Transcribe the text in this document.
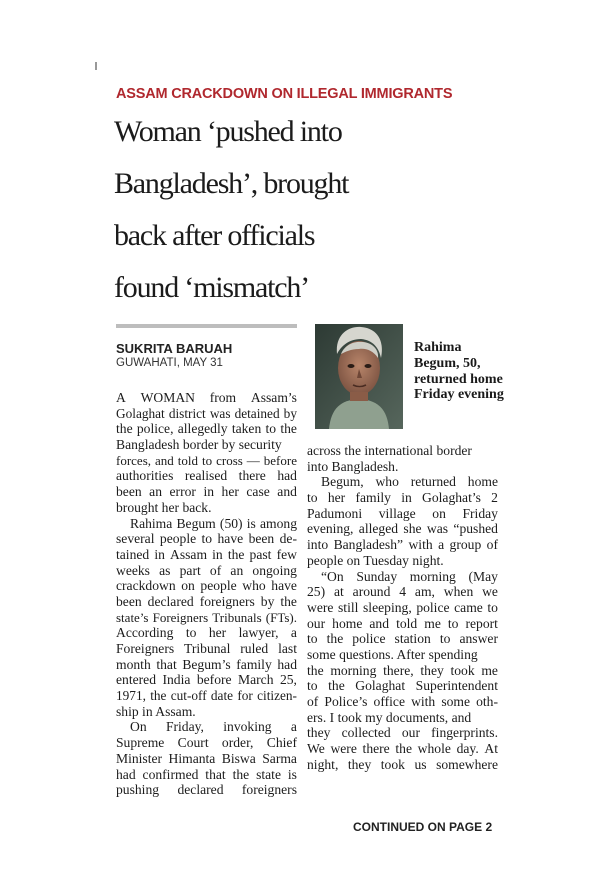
ASSAM CRACKDOWN ON ILLEGAL IMMIGRANTS
Woman ‘pushed into
Bangladesh’, brought
back after officials
found ‘mismatch’
SUKRITA BARUAH
GUWAHATI, MAY 31
Rahima Begum, 50, returned home Friday evening
A WOMAN from Assam’s
Golaghat district was detained by
the police, allegedly taken to the
Bangladesh border by security
forces, and told to cross — before
authorities realised there had
been an error in her case and
brought her back.
Rahima Begum (50) is among
several people to have been de-
tained in Assam in the past few
weeks as part of an ongoing
crackdown on people who have
been declared foreigners by the
state’s Foreigners Tribunals (FTs).
According to her lawyer, a
Foreigners Tribunal ruled last
month that Begum’s family had
entered India before March 25,
1971, the cut-off date for citizen-
ship in Assam.
On Friday, invoking a
Supreme Court order, Chief
Minister Himanta Biswa Sarma
had confirmed that the state is
pushing declared foreigners
across the international border
into Bangladesh.
Begum, who returned home
to her family in Golaghat’s 2
Padumoni village on Friday
evening, alleged she was “pushed
into Bangladesh” with a group of
people on Tuesday night.
“On Sunday morning (May
25) at around 4 am, when we
were still sleeping, police came to
our home and told me to report
to the police station to answer
some questions. After spending
the morning there, they took me
to the Golaghat Superintendent
of Police’s office with some oth-
ers. I took my documents, and
they collected our fingerprints.
We were there the whole day. At
night, they took us somewhere
CONTINUED ON PAGE 2
